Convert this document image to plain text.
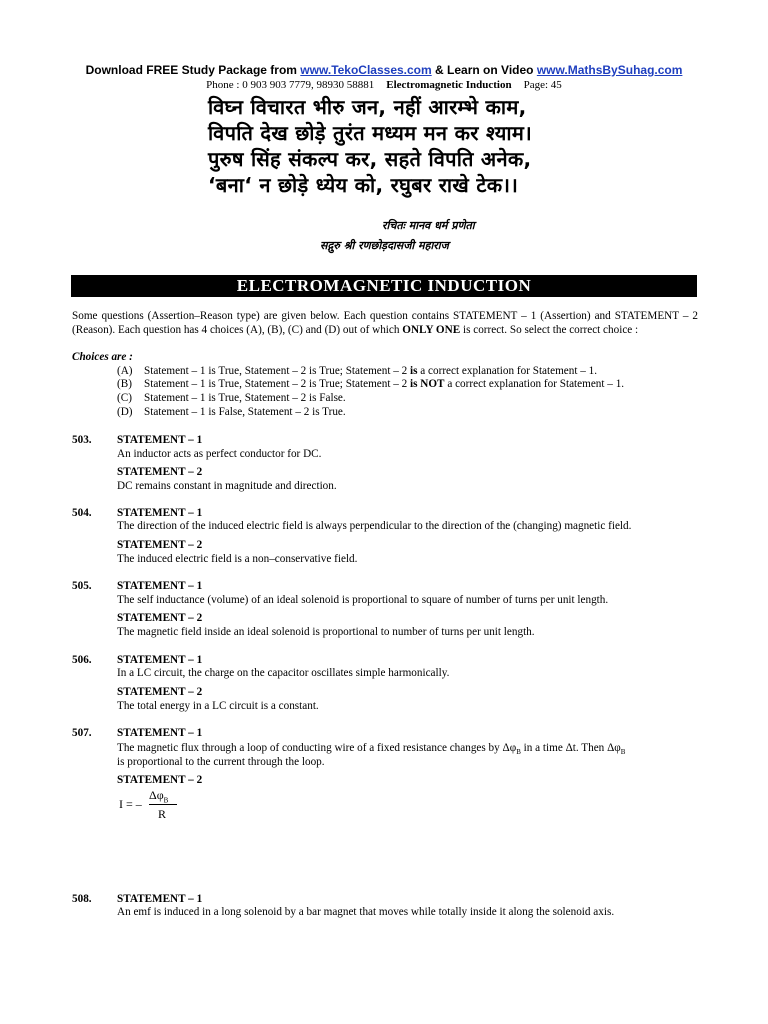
Download FREE Study Package from www.TekoClasses.com & Learn on Video www.MathsBySuhag.com
Phone : 0 903 903 7779, 98930 58881 Electromagnetic Induction Page: 45
विघ्न विचारत भीरु जन, नहीं आरम्भे काम,
विपति देख छोड़े तुरंत मध्यम मन कर श्याम।
पुरुष सिंह संकल्प कर, सहते विपति अनेक,
‘बना‘ न छोड़े ध्येय को, रघुबर राखे टेक।।
रचितः मानव धर्म प्रणेता
सद्गुरु श्री रणछोड़दासजी महाराज
ELECTROMAGNETIC INDUCTION
Some questions (Assertion–Reason type) are given below. Each question contains STATEMENT – 1 (Assertion) and STATEMENT – 2 (Reason). Each question has 4 choices (A), (B), (C) and (D) out of which ONLY ONE is correct. So select the correct choice :
Choices are :
(A) Statement – 1 is True, Statement – 2 is True; Statement – 2 is a correct explanation for Statement – 1.
(B) Statement – 1 is True, Statement – 2 is True; Statement – 2 is NOT a correct explanation for Statement – 1.
(C) Statement – 1 is True, Statement – 2 is False.
(D) Statement – 1 is False, Statement – 2 is True.
503. STATEMENT – 1
An inductor acts as perfect conductor for DC.
STATEMENT – 2
DC remains constant in magnitude and direction.
504. STATEMENT – 1
The direction of the induced electric field is always perpendicular to the direction of the (changing) magnetic field.
STATEMENT – 2
The induced electric field is a non–conservative field.
505. STATEMENT – 1
The self inductance (volume) of an ideal solenoid is proportional to square of number of turns per unit length.
STATEMENT – 2
The magnetic field inside an ideal solenoid is proportional to number of turns per unit length.
506. STATEMENT – 1
In a LC circuit, the charge on the capacitor oscillates simple harmonically.
STATEMENT – 2
The total energy in a LC circuit is a constant.
507. STATEMENT – 1
The magnetic flux through a loop of conducting wire of a fixed resistance changes by $\Delta\varphi_B$ in a time Δt. Then $\Delta\varphi_B$
is proportional to the current through the loop.
STATEMENT – 2
I = –
$\Delta\varphi_B$
R
508. STATEMENT – 1
An emf is induced in a long solenoid by a bar magnet that moves while totally inside it along the solenoid axis.
